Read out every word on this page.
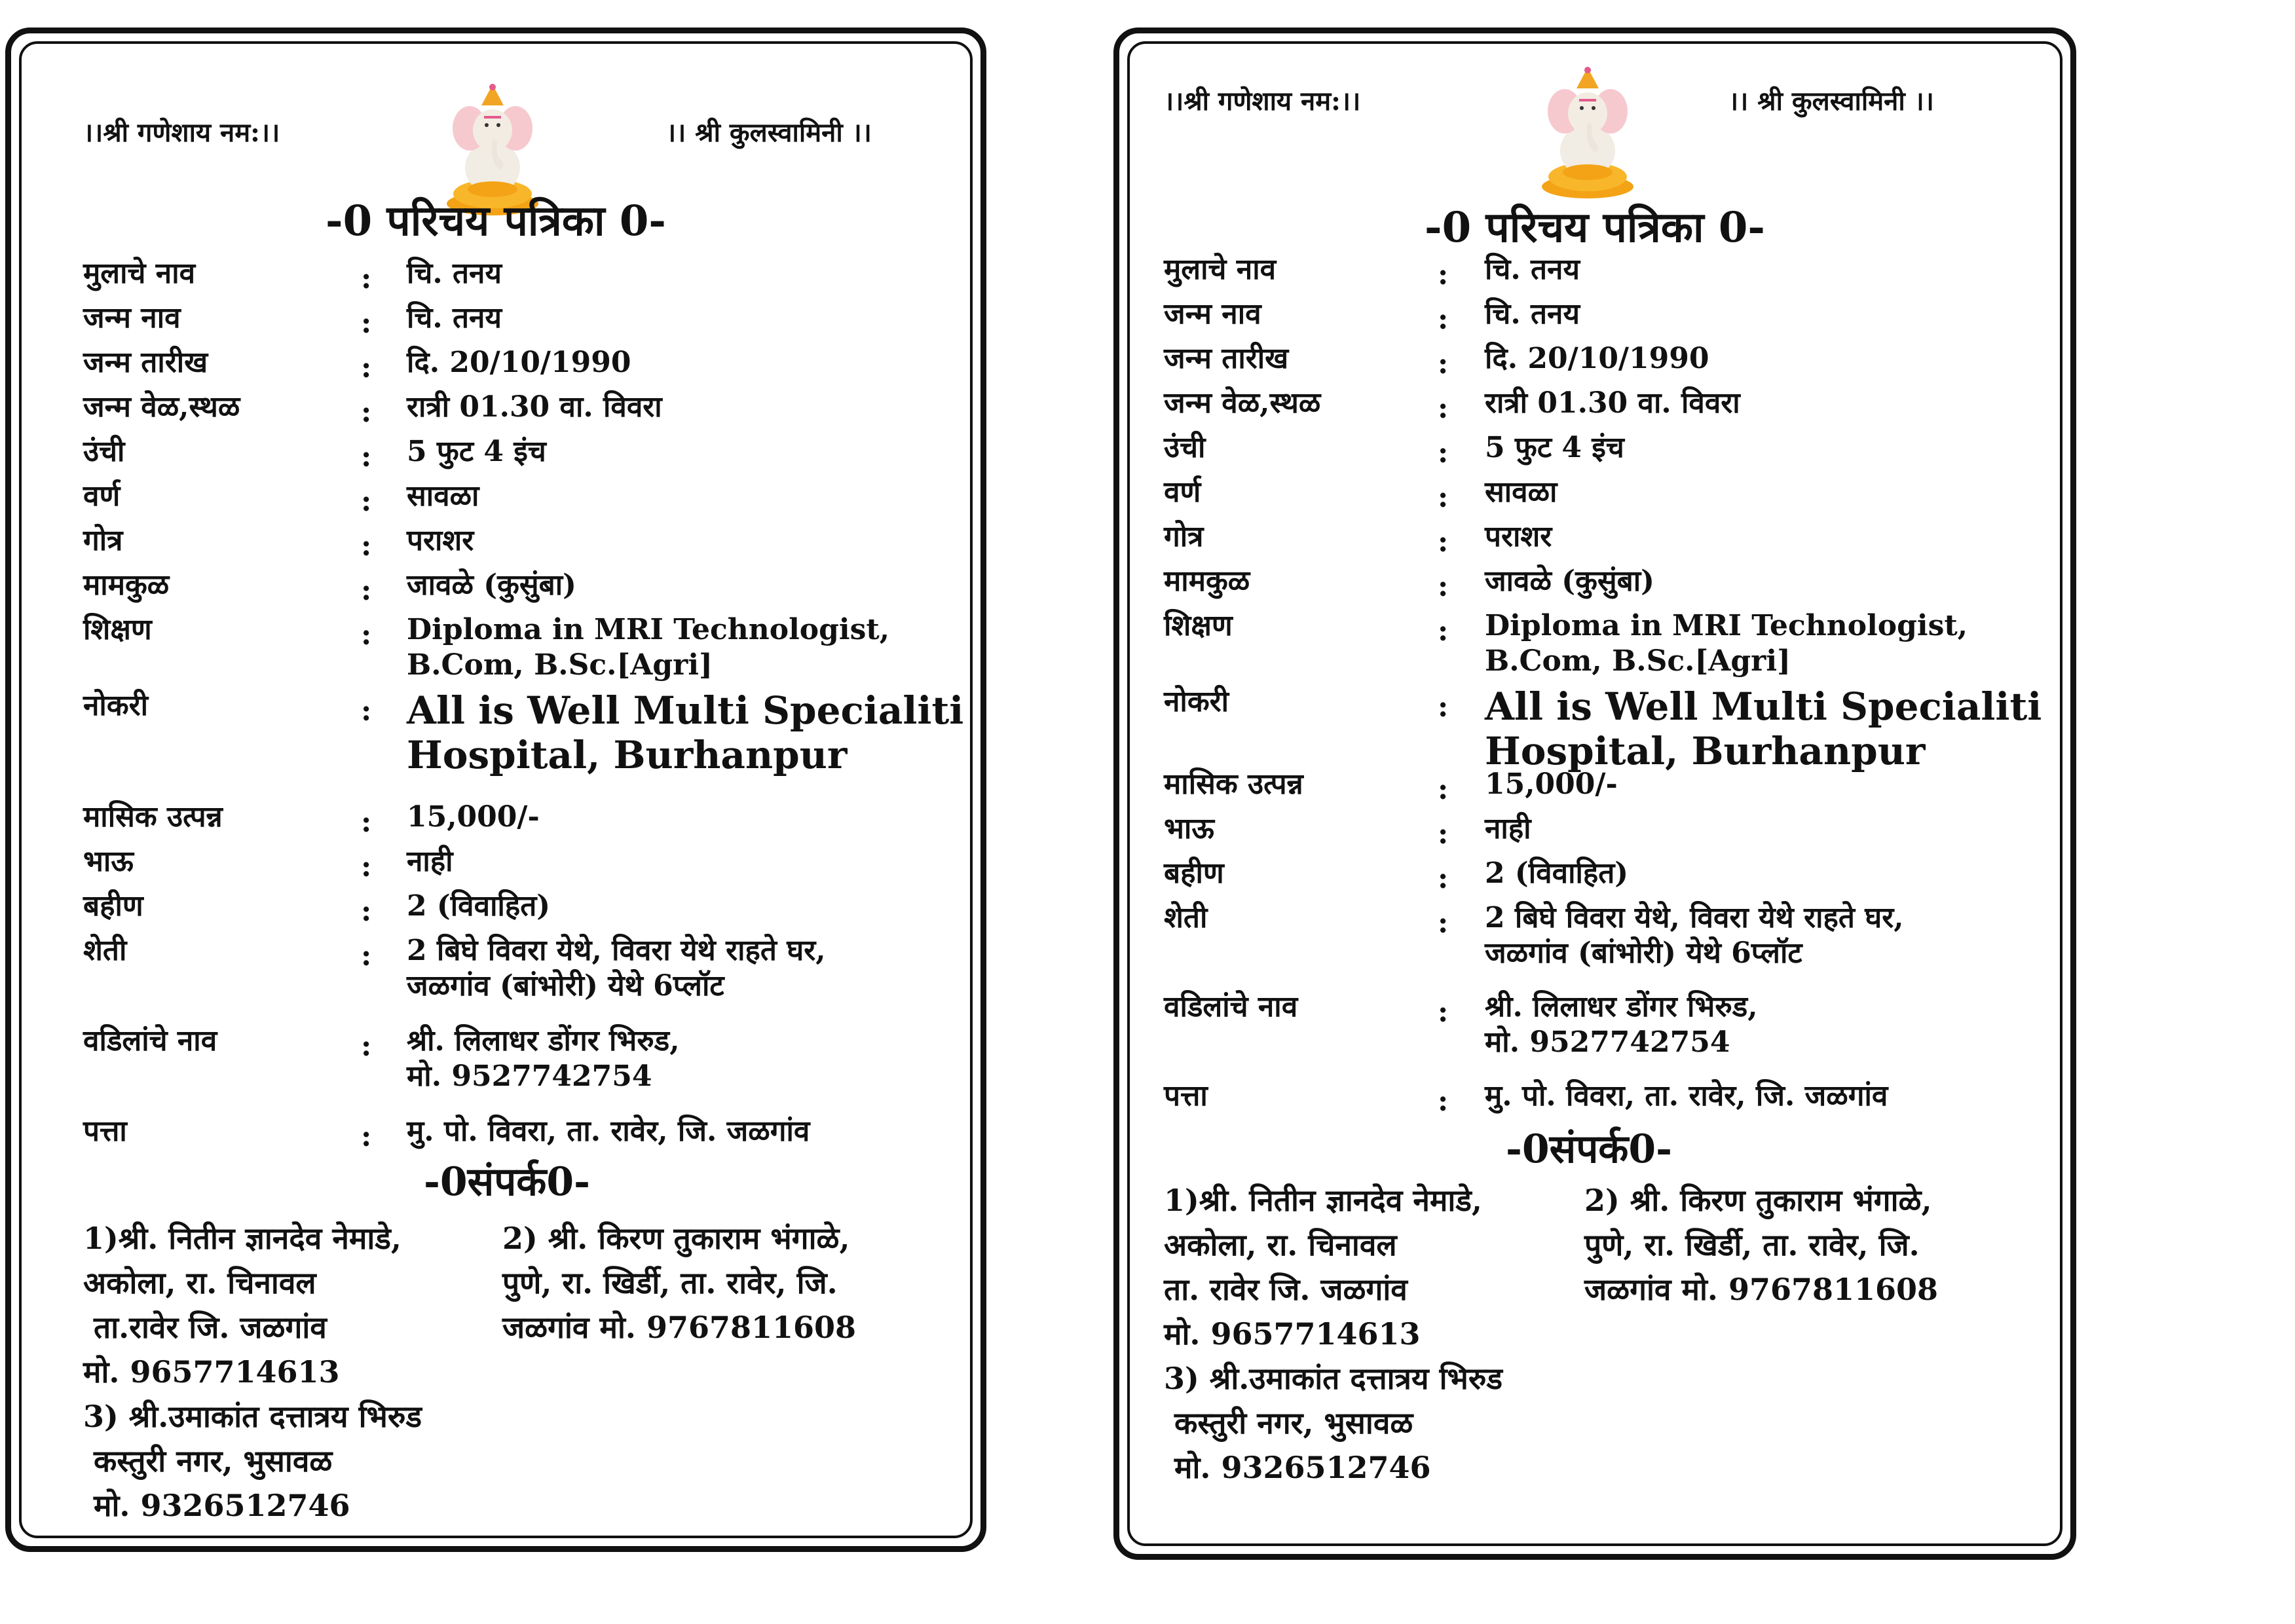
।।श्री गणेशाय नम:।।	।। श्री कुलस्वामिनी ।।
-0 परिचय पत्रिका 0-
मुलाचे नाव	: चि. तनय
जन्म नाव	: चि. तनय
जन्म तारीख	: दि. 20/10/1990
जन्म वेळ,स्थळ	: रात्री 01.30 वा. विवरा
उंची	: 5 फुट 4 इंच
वर्ण	: सावळा
गोत्र	: पराशर
मामकुळ	: जावळे (कुसुंबा)
शिक्षण	: Diploma in MRI Technologist,
B.Com, B.Sc.[Agri]
नोकरी	: All is Well Multi Specialiti
Hospital, Burhanpur
मासिक उत्पन्न	: 15,000/-
भाऊ	: नाही
बहीण	: 2 (विवाहित)
शेती	: 2 बिघे विवरा येथे, विवरा येथे राहते घर,
जळगांव (बांभोरी) येथे 6प्लॉट
वडिलांचे नाव	: श्री. लिलाधर डोंगर भिरुड,
मो. 9527742754
पत्ता	: मु. पो. विवरा, ता. रावेर, जि. जळगांव
-0संपर्क0-
1)श्री. नितीन ज्ञानदेव नेमाडे,
अकोला, रा. चिनावल
ता.रावेर जि. जळगांव
मो. 9657714613
2) श्री. किरण तुकाराम भंगाळे,
पुणे, रा. खिर्डी, ता. रावेर, जि.
जळगांव मो. 9767811608
3) श्री.उमाकांत दत्तात्रय भिरुड
कस्तुरी नगर, भुसावळ
मो. 9326512746
।।श्री गणेशाय नम:।।	।। श्री कुलस्वामिनी ।।
-0 परिचय पत्रिका 0-
मुलाचे नाव	: चि. तनय
जन्म नाव	: चि. तनय
जन्म तारीख	: दि. 20/10/1990
जन्म वेळ,स्थळ	: रात्री 01.30 वा. विवरा
उंची	: 5 फुट 4 इंच
वर्ण	: सावळा
गोत्र	: पराशर
मामकुळ	: जावळे (कुसुंबा)
शिक्षण	: Diploma in MRI Technologist,
B.Com, B.Sc.[Agri]
नोकरी	: All is Well Multi Specialiti
Hospital, Burhanpur
मासिक उत्पन्न	: 15,000/-
भाऊ	: नाही
बहीण	: 2 (विवाहित)
शेती	: 2 बिघे विवरा येथे, विवरा येथे राहते घर,
जळगांव (बांभोरी) येथे 6प्लॉट
वडिलांचे नाव	: श्री. लिलाधर डोंगर भिरुड,
मो. 9527742754
पत्ता	: मु. पो. विवरा, ता. रावेर, जि. जळगांव
-0संपर्क0-
1)श्री. नितीन ज्ञानदेव नेमाडे,
अकोला, रा. चिनावल
ता. रावेर जि. जळगांव
मो. 9657714613
2) श्री. किरण तुकाराम भंगाळे,
पुणे, रा. खिर्डी, ता. रावेर, जि.
जळगांव मो. 9767811608
3) श्री.उमाकांत दत्तात्रय भिरुड
कस्तुरी नगर, भुसावळ
मो. 9326512746
